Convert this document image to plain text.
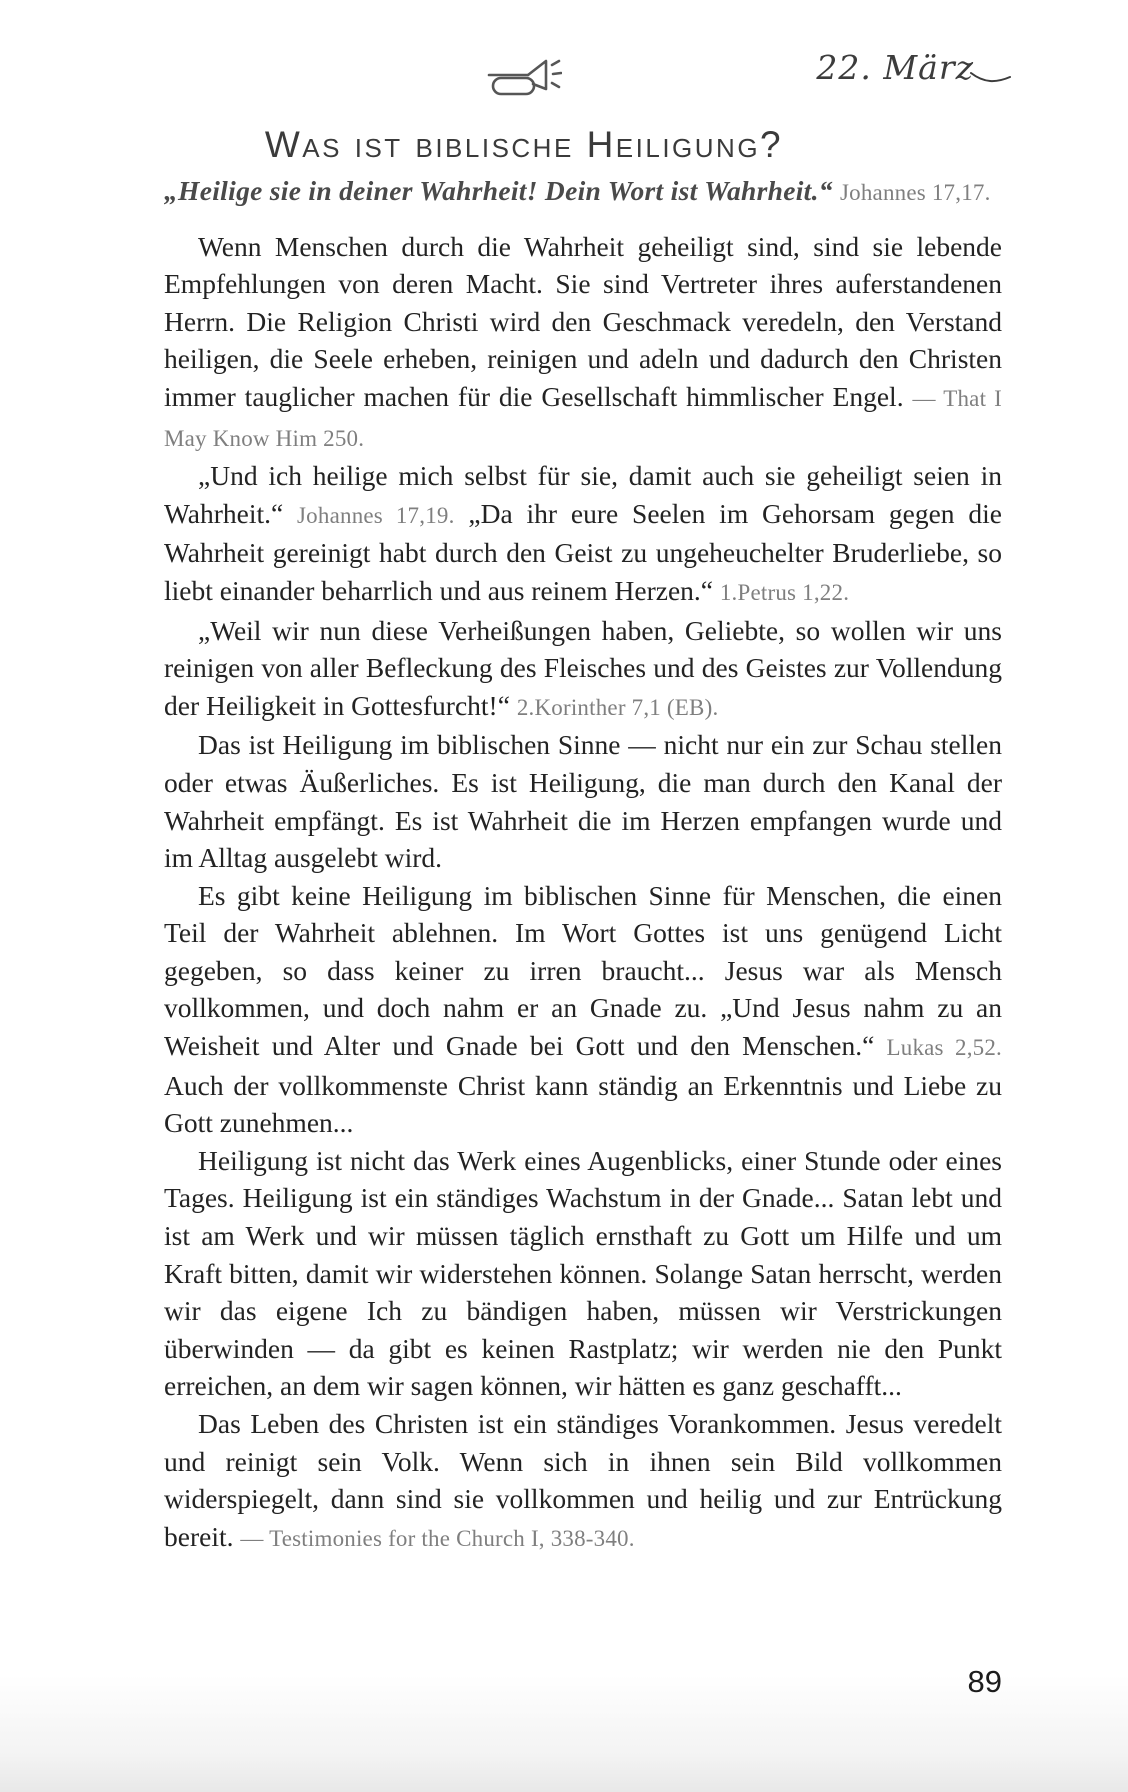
22. März
Was ist biblische Heiligung?

„Heilige sie in deiner Wahrheit! Dein Wort ist Wahrheit.“ Johannes 17,17.

Wenn Menschen durch die Wahrheit geheiligt sind, sind sie lebende Empfehlungen von deren Macht. Sie sind Vertreter ihres auferstandenen Herrn. Die Religion Christi wird den Geschmack veredeln, den Verstand heiligen, die Seele erheben, reinigen und adeln und dadurch den Christen immer tauglicher machen für die Gesellschaft himmlischer Engel. — That I May Know Him 250.

„Und ich heilige mich selbst für sie, damit auch sie geheiligt seien in Wahrheit.“ Johannes 17,19. „Da ihr eure Seelen im Gehorsam gegen die Wahrheit gereinigt habt durch den Geist zu ungeheuchelter Bruderliebe, so liebt einander beharrlich und aus reinem Herzen.“ 1.Petrus 1,22.

„Weil wir nun diese Verheißungen haben, Geliebte, so wollen wir uns reinigen von aller Befleckung des Fleisches und des Geistes zur Vollendung der Heiligkeit in Gottesfurcht!“ 2.Korinther 7,1 (EB).

Das ist Heiligung im biblischen Sinne — nicht nur ein zur Schau stellen oder etwas Äußerliches. Es ist Heiligung, die man durch den Kanal der Wahrheit empfängt. Es ist Wahrheit die im Herzen empfangen wurde und im Alltag ausgelebt wird.

Es gibt keine Heiligung im biblischen Sinne für Menschen, die einen Teil der Wahrheit ablehnen. Im Wort Gottes ist uns genügend Licht gegeben, so dass keiner zu irren braucht... Jesus war als Mensch vollkommen, und doch nahm er an Gnade zu. „Und Jesus nahm zu an Weisheit und Alter und Gnade bei Gott und den Menschen.“ Lukas 2,52. Auch der vollkommenste Christ kann ständig an Erkenntnis und Liebe zu Gott zunehmen...

Heiligung ist nicht das Werk eines Augenblicks, einer Stunde oder eines Tages. Heiligung ist ein ständiges Wachstum in der Gnade... Satan lebt und ist am Werk und wir müssen täglich ernsthaft zu Gott um Hilfe und um Kraft bitten, damit wir widerstehen können. Solange Satan herrscht, werden wir das eigene Ich zu bändigen haben, müssen wir Verstrickungen überwinden — da gibt es keinen Rastplatz; wir werden nie den Punkt erreichen, an dem wir sagen können, wir hätten es ganz geschafft...

Das Leben des Christen ist ein ständiges Vorankommen. Jesus veredelt und reinigt sein Volk. Wenn sich in ihnen sein Bild vollkommen widerspiegelt, dann sind sie vollkommen und heilig und zur Entrückung bereit. — Testimonies for the Church I, 338-340.

89
